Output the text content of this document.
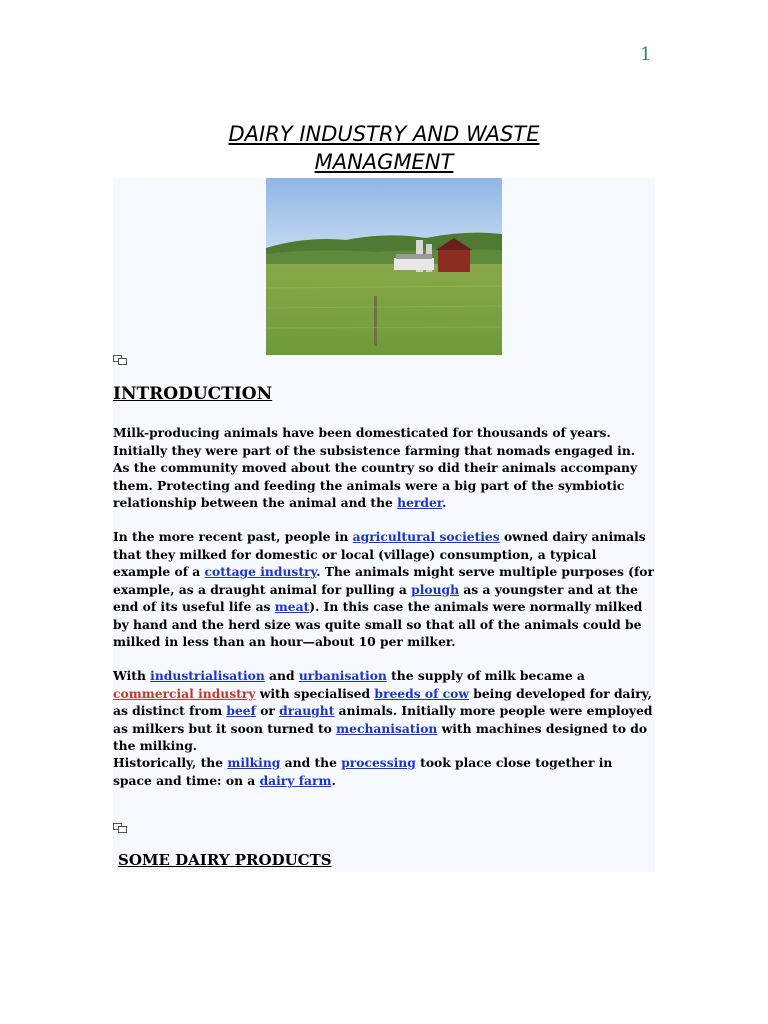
1
DAIRY INDUSTRY AND WASTE
MANAGMENT
INTRODUCTION

Milk-producing animals have been domesticated for thousands of years. Initially they were part of the subsistence farming that nomads engaged in. As the community moved about the country so did their animals accompany them. Protecting and feeding the animals were a big part of the symbiotic relationship between the animal and the herder.

In the more recent past, people in agricultural societies owned dairy animals that they milked for domestic or local (village) consumption, a typical example of a cottage industry. The animals might serve multiple purposes (for example, as a draught animal for pulling a plough as a youngster and at the end of its useful life as meat). In this case the animals were normally milked by hand and the herd size was quite small so that all of the animals could be milked in less than an hour—about 10 per milker.

With industrialisation and urbanisation the supply of milk became a commercial industry with specialised breeds of cow being developed for dairy, as distinct from beef or draught animals. Initially more people were employed as milkers but it soon turned to mechanisation with machines designed to do the milking.

Historically, the milking and the processing took place close together in space and time: on a dairy farm.

SOME DAIRY PRODUCTS
